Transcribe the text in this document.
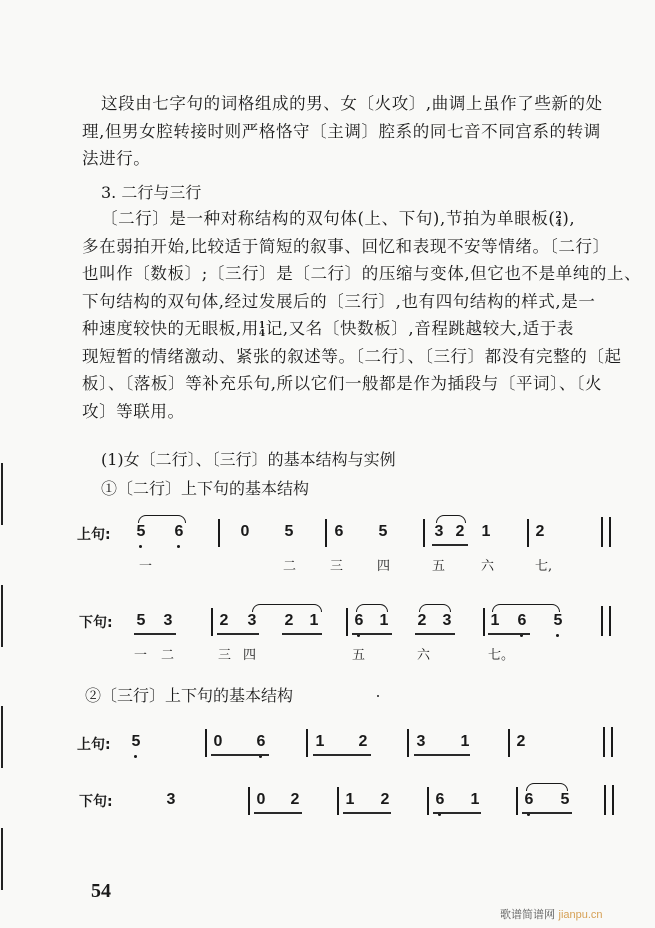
这段由七字句的词格组成的男、女〔火攻〕,曲调上虽作了些新的处
理,但男女腔转接时则严格恪守〔主调〕腔系的同七音不同宫系的转调
法进行。
3. 二行与三行
〔二行〕是一种对称结构的双句体(上、下句),节拍为单眼板( 2
4 ),
多在弱拍开始,比较适于简短的叙事、回忆和表现不安等情绪。〔二行〕
也叫作〔数板〕;〔三行〕是〔二行〕的压缩与变体,但它也不是单纯的上、
下句结构的双句体,经过发展后的〔三行〕,也有四句结构的样式,是一
种速度较快的无眼板,用 1
4 记,又名〔快数板〕,音程跳越较大,适于表
现短暂的情绪激动、紧张的叙述等。〔二行〕、〔三行〕都没有完整的〔起
板〕、〔落板〕等补充乐句,所以它们一般都是作为插段与〔平词〕、〔火
攻〕等联用。
(1)女〔二行〕、〔三行〕的基本结构与实例
①〔二行〕上下句的基本结构
上句: 5 6	0 5	6 5	3 2 1	2
一	二	三	四	五	六	七,
下句: 5 3	2 3 2 1 6 1 2 3 1 6 5
一 二	三 四	五	六	七。
②〔三行〕上下句的基本结构
上句: 5	0 6	1 2	3 1	2
下句:	3	0 2	1 2	6 1	6 5
54
歌谱简谱网 jianpu.cn
